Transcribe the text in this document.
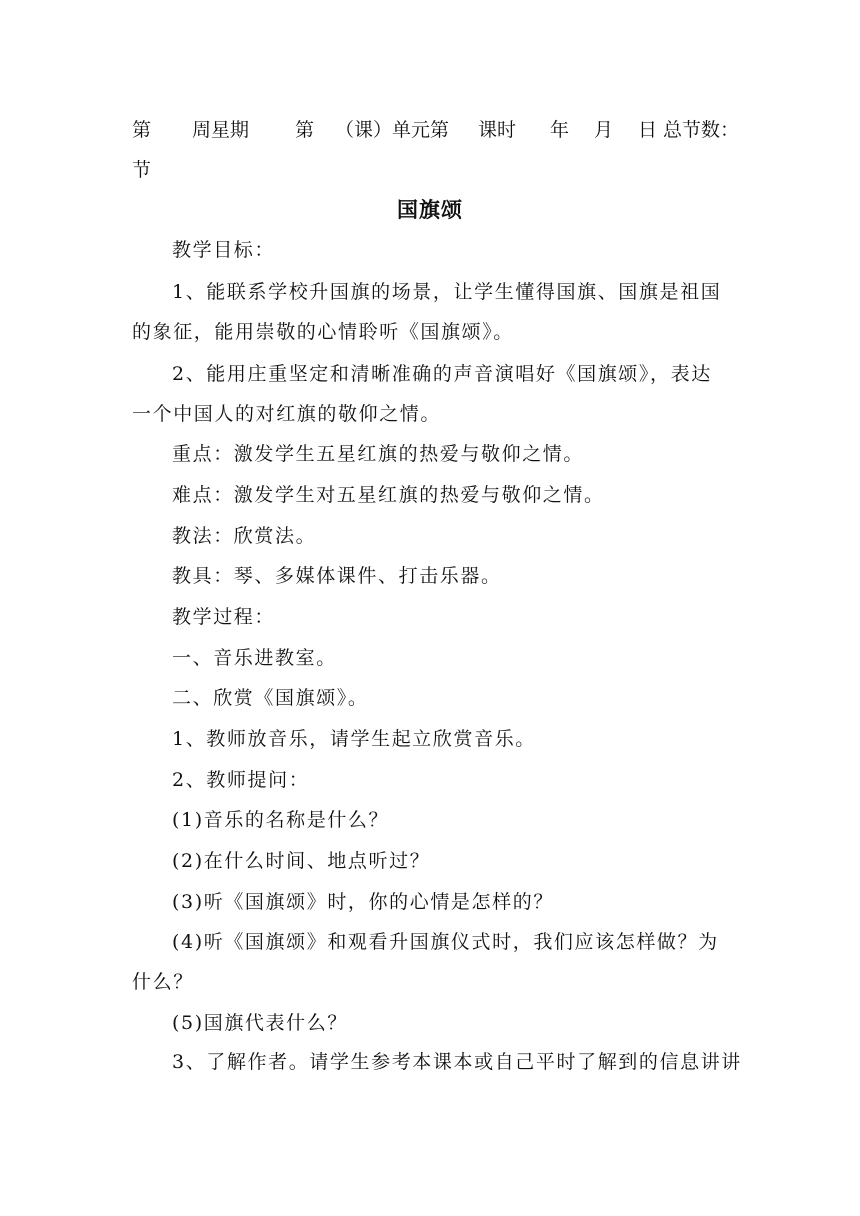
第 周星期 第 （课）单元第 课时 年 月 日 总节数：
节
国旗颂
教学目标：
1、能联系学校升国旗的场景，让学生懂得国旗、国旗是祖国的象征，能用崇敬的心情聆听《国旗颂》。
2、能用庄重坚定和清晰准确的声音演唱好《国旗颂》，表达一个中国人的对红旗的敬仰之情。
重点：激发学生五星红旗的热爱与敬仰之情。
难点：激发学生对五星红旗的热爱与敬仰之情。
教法：欣赏法。
教具：琴、多媒体课件、打击乐器。
教学过程：
一、音乐进教室。
二、欣赏《国旗颂》。
1、教师放音乐，请学生起立欣赏音乐。
2、教师提问：
(1)音乐的名称是什么？
(2)在什么时间、地点听过？
(3)听《国旗颂》时，你的心情是怎样的？
(4)听《国旗颂》和观看升国旗仪式时，我们应该怎样做？为什么？
(5)国旗代表什么？
3、了解作者。请学生参考本课本或自己平时了解到的信息讲讲
